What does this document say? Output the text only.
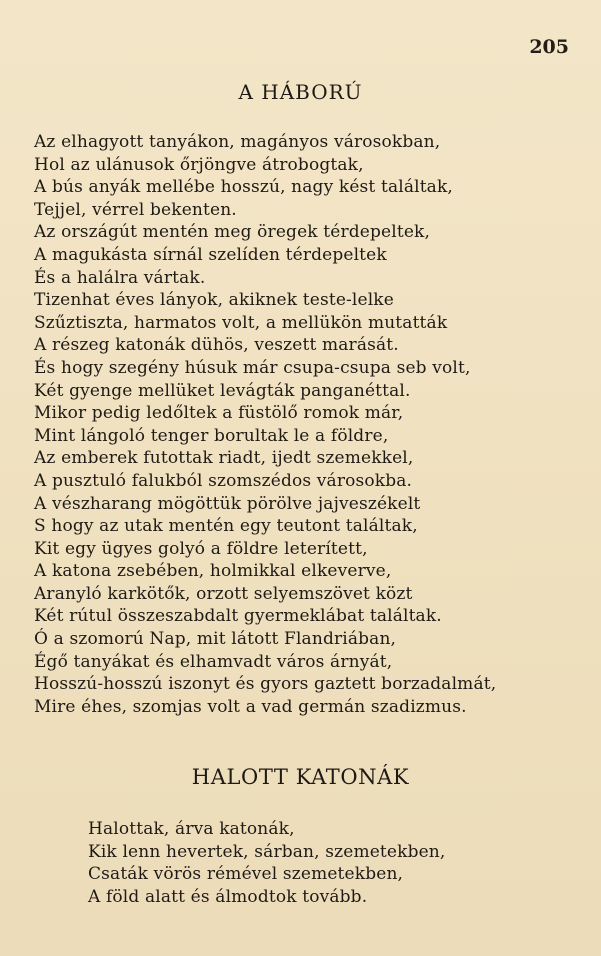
205
A HÁBORÚ
Az elhagyott tanyákon, magányos városokban,
Hol az ulánusok őrjöngve átrobogtak,
A bús anyák mellébe hosszú, nagy kést találtak,
Tejjel, vérrel bekenten.
Az országút mentén meg öregek térdepeltek,
A magukásta sírnál szelíden térdepeltek
És a halálra vártak.
Tizenhat éves lányok, akiknek teste-lelke
Szűztiszta, harmatos volt, a mellükön mutatták
A részeg katonák dühös, veszett marását.
És hogy szegény húsuk már csupa-csupa seb volt,
Két gyenge mellüket levágták panganéttal.
Mikor pedig ledőltek a füstölő romok már,
Mint lángoló tenger borultak le a földre,
Az emberek futottak riadt, ijedt szemekkel,
A pusztuló falukból szomszédos városokba.
A vészharang mögöttük pörölve jajveszékelt
S hogy az utak mentén egy teutont találtak,
Kit egy ügyes golyó a földre leterített,
A katona zsebében, holmikkal elkeverve,
Aranyló karkötők, orzott selyemszövet közt
Két rútul összeszabdalt gyermeklábat találtak.
Ó a szomorú Nap, mit látott Flandriában,
Égő tanyákat és elhamvadt város árnyát,
Hosszú-hosszú iszonyt és gyors gaztett borzadalmát,
Mire éhes, szomjas volt a vad germán szadizmus.
HALOTT KATONÁK
Halottak, árva katonák,
Kik lenn hevertek, sárban, szemetekben,
Csaták vörös rémével szemetekben,
A föld alatt és álmodtok tovább.
